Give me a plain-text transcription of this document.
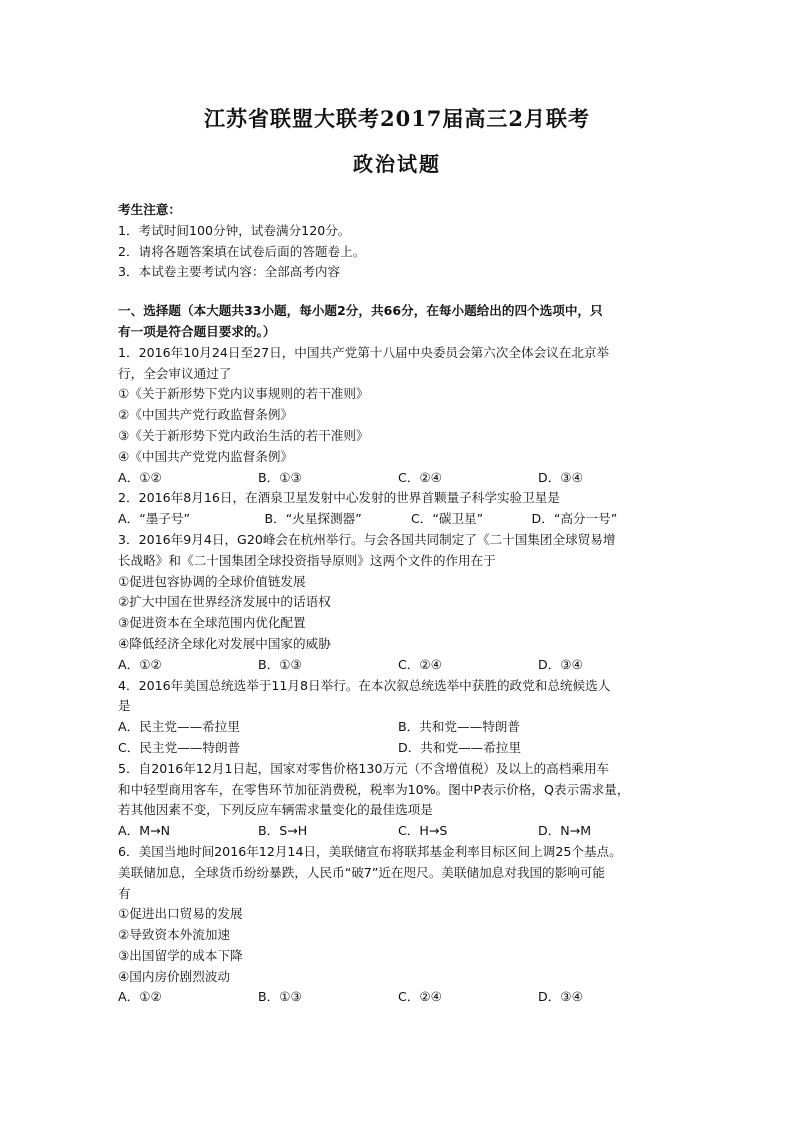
江苏省联盟大联考2017届高三2月联考
政治试题
考生注意：
1．考试时间100分钟，试卷满分120分。
2．请将各题答案填在试卷后面的答题卷上。
3．本试卷主要考试内容：全部高考内容
一、选择题（本大题共33小题，每小题2分，共66分，在每小题给出的四个选项中，只
有一项是符合题目要求的。）
1．2016年10月24日至27日，中国共产党第十八届中央委员会第六次全体会议在北京举
行，全会审议通过了
①《关于新形势下党内议事规则的若干准则》
②《中国共产党行政监督条例》
③《关于新形势下党内政治生活的若干准则》
④《中国共产党党内监督条例》
A．①②	B．①③	C．②④	D．③④
2．2016年8月16日，在酒泉卫星发射中心发射的世界首颗量子科学实验卫星是
A．“墨子号”	B．“火星探测器”	C．“碳卫星”	D．“高分一号”
3．2016年9月4日，G20峰会在杭州举行。与会各国共同制定了《二十国集团全球贸易增
长战略》和《二十国集团全球投资指导原则》这两个文件的作用在于
①促进包容协调的全球价值链发展
②扩大中国在世界经济发展中的话语权
③促进资本在全球范围内优化配置
④降低经济全球化对发展中国家的威胁
A．①②	B．①③	C．②④	D．③④
4．2016年美国总统选举于11月8日举行。在本次叙总统选举中获胜的政党和总统候选人
是
A．民主党——希拉里	B．共和党——特朗普
C．民主党——特朗普	D．共和党——希拉里
5．自2016年12月1日起，国家对零售价格130万元（不含增值税）及以上的高档乘用车
和中轻型商用客车，在零售环节加征消费税，税率为10%。图中P表示价格，Q表示需求量，
若其他因素不变，下列反应车辆需求量变化的最佳选项是
A．M→N	B．S→H	C．H→S	D．N→M
6．美国当地时间2016年12月14日，美联储宣布将联邦基金利率目标区间上调25个基点。
美联储加息，全球货币纷纷暴跌，人民币“破7”近在咫尺。美联储加息对我国的影响可能
有
①促进出口贸易的发展
②导致资本外流加速
③出国留学的成本下降
④国内房价剧烈波动
A．①②	B．①③	C．②④	D．③④
